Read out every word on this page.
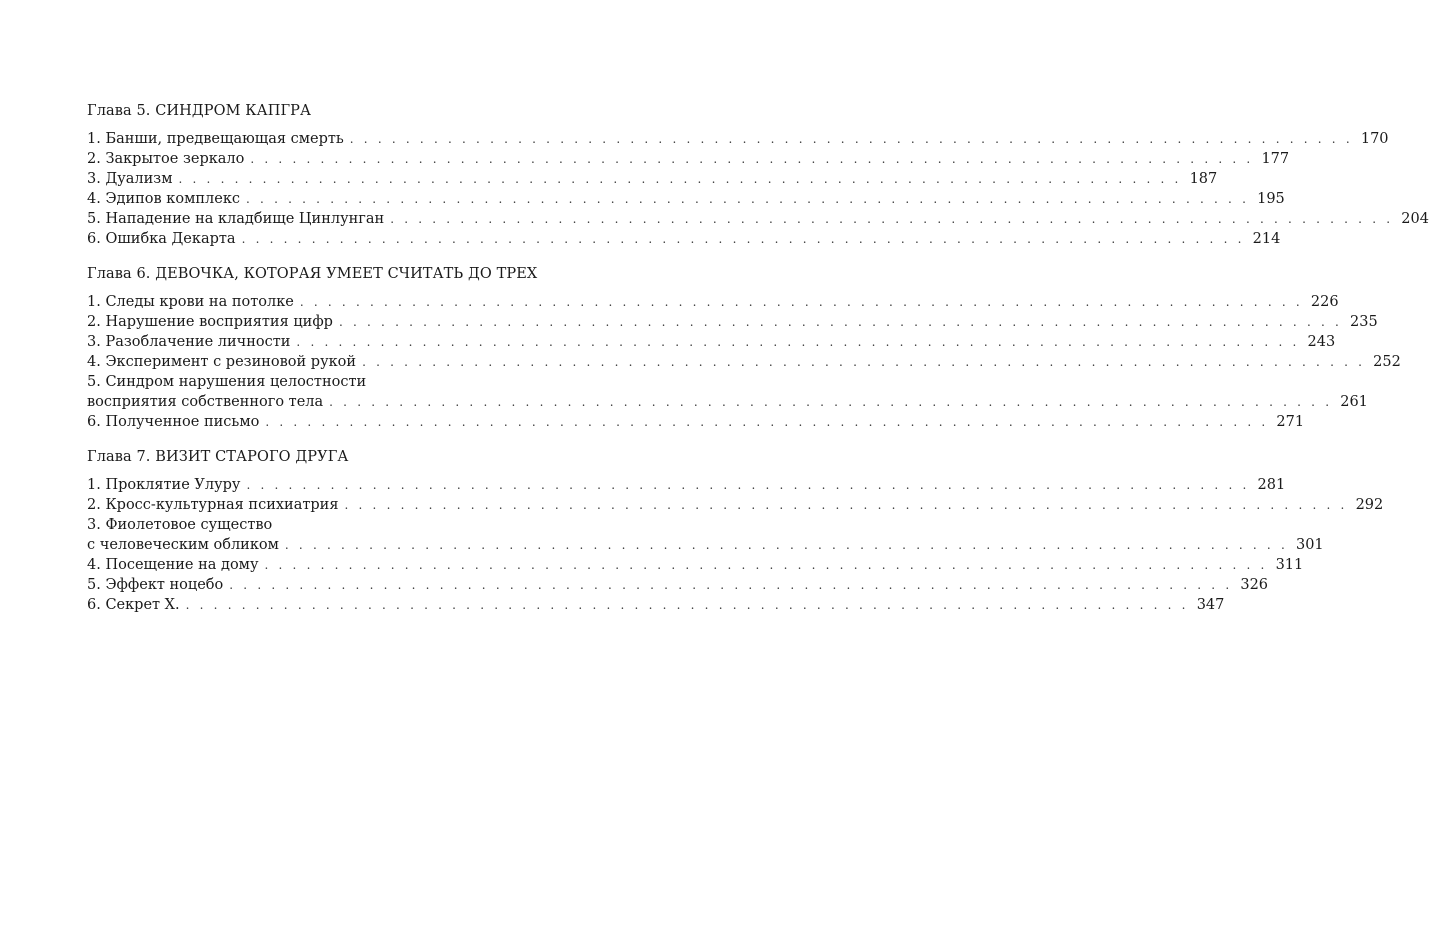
Глава 5. СИНДРОМ КАПГРА
1. Банши, предвещающая смерть . . . . . . . . . . . . . . . . . . . . . . . . . . . . . . . . . . . . . . . . . . . . . . . . . . . . . . . . . . . . . . . . . . . . . . . . 170
2. Закрытое зеркало . . . . . . . . . . . . . . . . . . . . . . . . . . . . . . . . . . . . . . . . . . . . . . . . . . . . . . . . . . . . . . . . . . . . . . . . 177
3. Дуализм . . . . . . . . . . . . . . . . . . . . . . . . . . . . . . . . . . . . . . . . . . . . . . . . . . . . . . . . . . . . . . . . . . . . . . . . 187
4. Эдипов комплекс . . . . . . . . . . . . . . . . . . . . . . . . . . . . . . . . . . . . . . . . . . . . . . . . . . . . . . . . . . . . . . . . . . . . . . . . 195
5. Нападение на кладбище Цинлунган . . . . . . . . . . . . . . . . . . . . . . . . . . . . . . . . . . . . . . . . . . . . . . . . . . . . . . . . . . . . . . . . . . . . . . . . 204
6. Ошибка Декарта . . . . . . . . . . . . . . . . . . . . . . . . . . . . . . . . . . . . . . . . . . . . . . . . . . . . . . . . . . . . . . . . . . . . . . . . 214
Глава 6. ДЕВОЧКА, КОТОРАЯ УМЕЕТ СЧИТАТЬ ДО ТРЕХ
1. Следы крови на потолке . . . . . . . . . . . . . . . . . . . . . . . . . . . . . . . . . . . . . . . . . . . . . . . . . . . . . . . . . . . . . . . . . . . . . . . . 226
2. Нарушение восприятия цифр . . . . . . . . . . . . . . . . . . . . . . . . . . . . . . . . . . . . . . . . . . . . . . . . . . . . . . . . . . . . . . . . . . . . . . . . 235
3. Разоблачение личности . . . . . . . . . . . . . . . . . . . . . . . . . . . . . . . . . . . . . . . . . . . . . . . . . . . . . . . . . . . . . . . . . . . . . . . . 243
4. Эксперимент с резиновой рукой . . . . . . . . . . . . . . . . . . . . . . . . . . . . . . . . . . . . . . . . . . . . . . . . . . . . . . . . . . . . . . . . . . . . . . . . 252
5. Синдром нарушения целостности
восприятия собственного тела . . . . . . . . . . . . . . . . . . . . . . . . . . . . . . . . . . . . . . . . . . . . . . . . . . . . . . . . . . . . . . . . . . . . . . . . 261
6. Полученное письмо . . . . . . . . . . . . . . . . . . . . . . . . . . . . . . . . . . . . . . . . . . . . . . . . . . . . . . . . . . . . . . . . . . . . . . . . 271
Глава 7. ВИЗИТ СТАРОГО ДРУГА
1. Проклятие Улуру . . . . . . . . . . . . . . . . . . . . . . . . . . . . . . . . . . . . . . . . . . . . . . . . . . . . . . . . . . . . . . . . . . . . . . . . 281
2. Кросс-культурная психиатрия . . . . . . . . . . . . . . . . . . . . . . . . . . . . . . . . . . . . . . . . . . . . . . . . . . . . . . . . . . . . . . . . . . . . . . . . 292
3. Фиолетовое существо
с человеческим обликом . . . . . . . . . . . . . . . . . . . . . . . . . . . . . . . . . . . . . . . . . . . . . . . . . . . . . . . . . . . . . . . . . . . . . . . . 301
4. Посещение на дому . . . . . . . . . . . . . . . . . . . . . . . . . . . . . . . . . . . . . . . . . . . . . . . . . . . . . . . . . . . . . . . . . . . . . . . . 311
5. Эффект ноцебо . . . . . . . . . . . . . . . . . . . . . . . . . . . . . . . . . . . . . . . . . . . . . . . . . . . . . . . . . . . . . . . . . . . . . . . . 326
6. Секрет Х. . . . . . . . . . . . . . . . . . . . . . . . . . . . . . . . . . . . . . . . . . . . . . . . . . . . . . . . . . . . . . . . . . . . . . . . . 347
